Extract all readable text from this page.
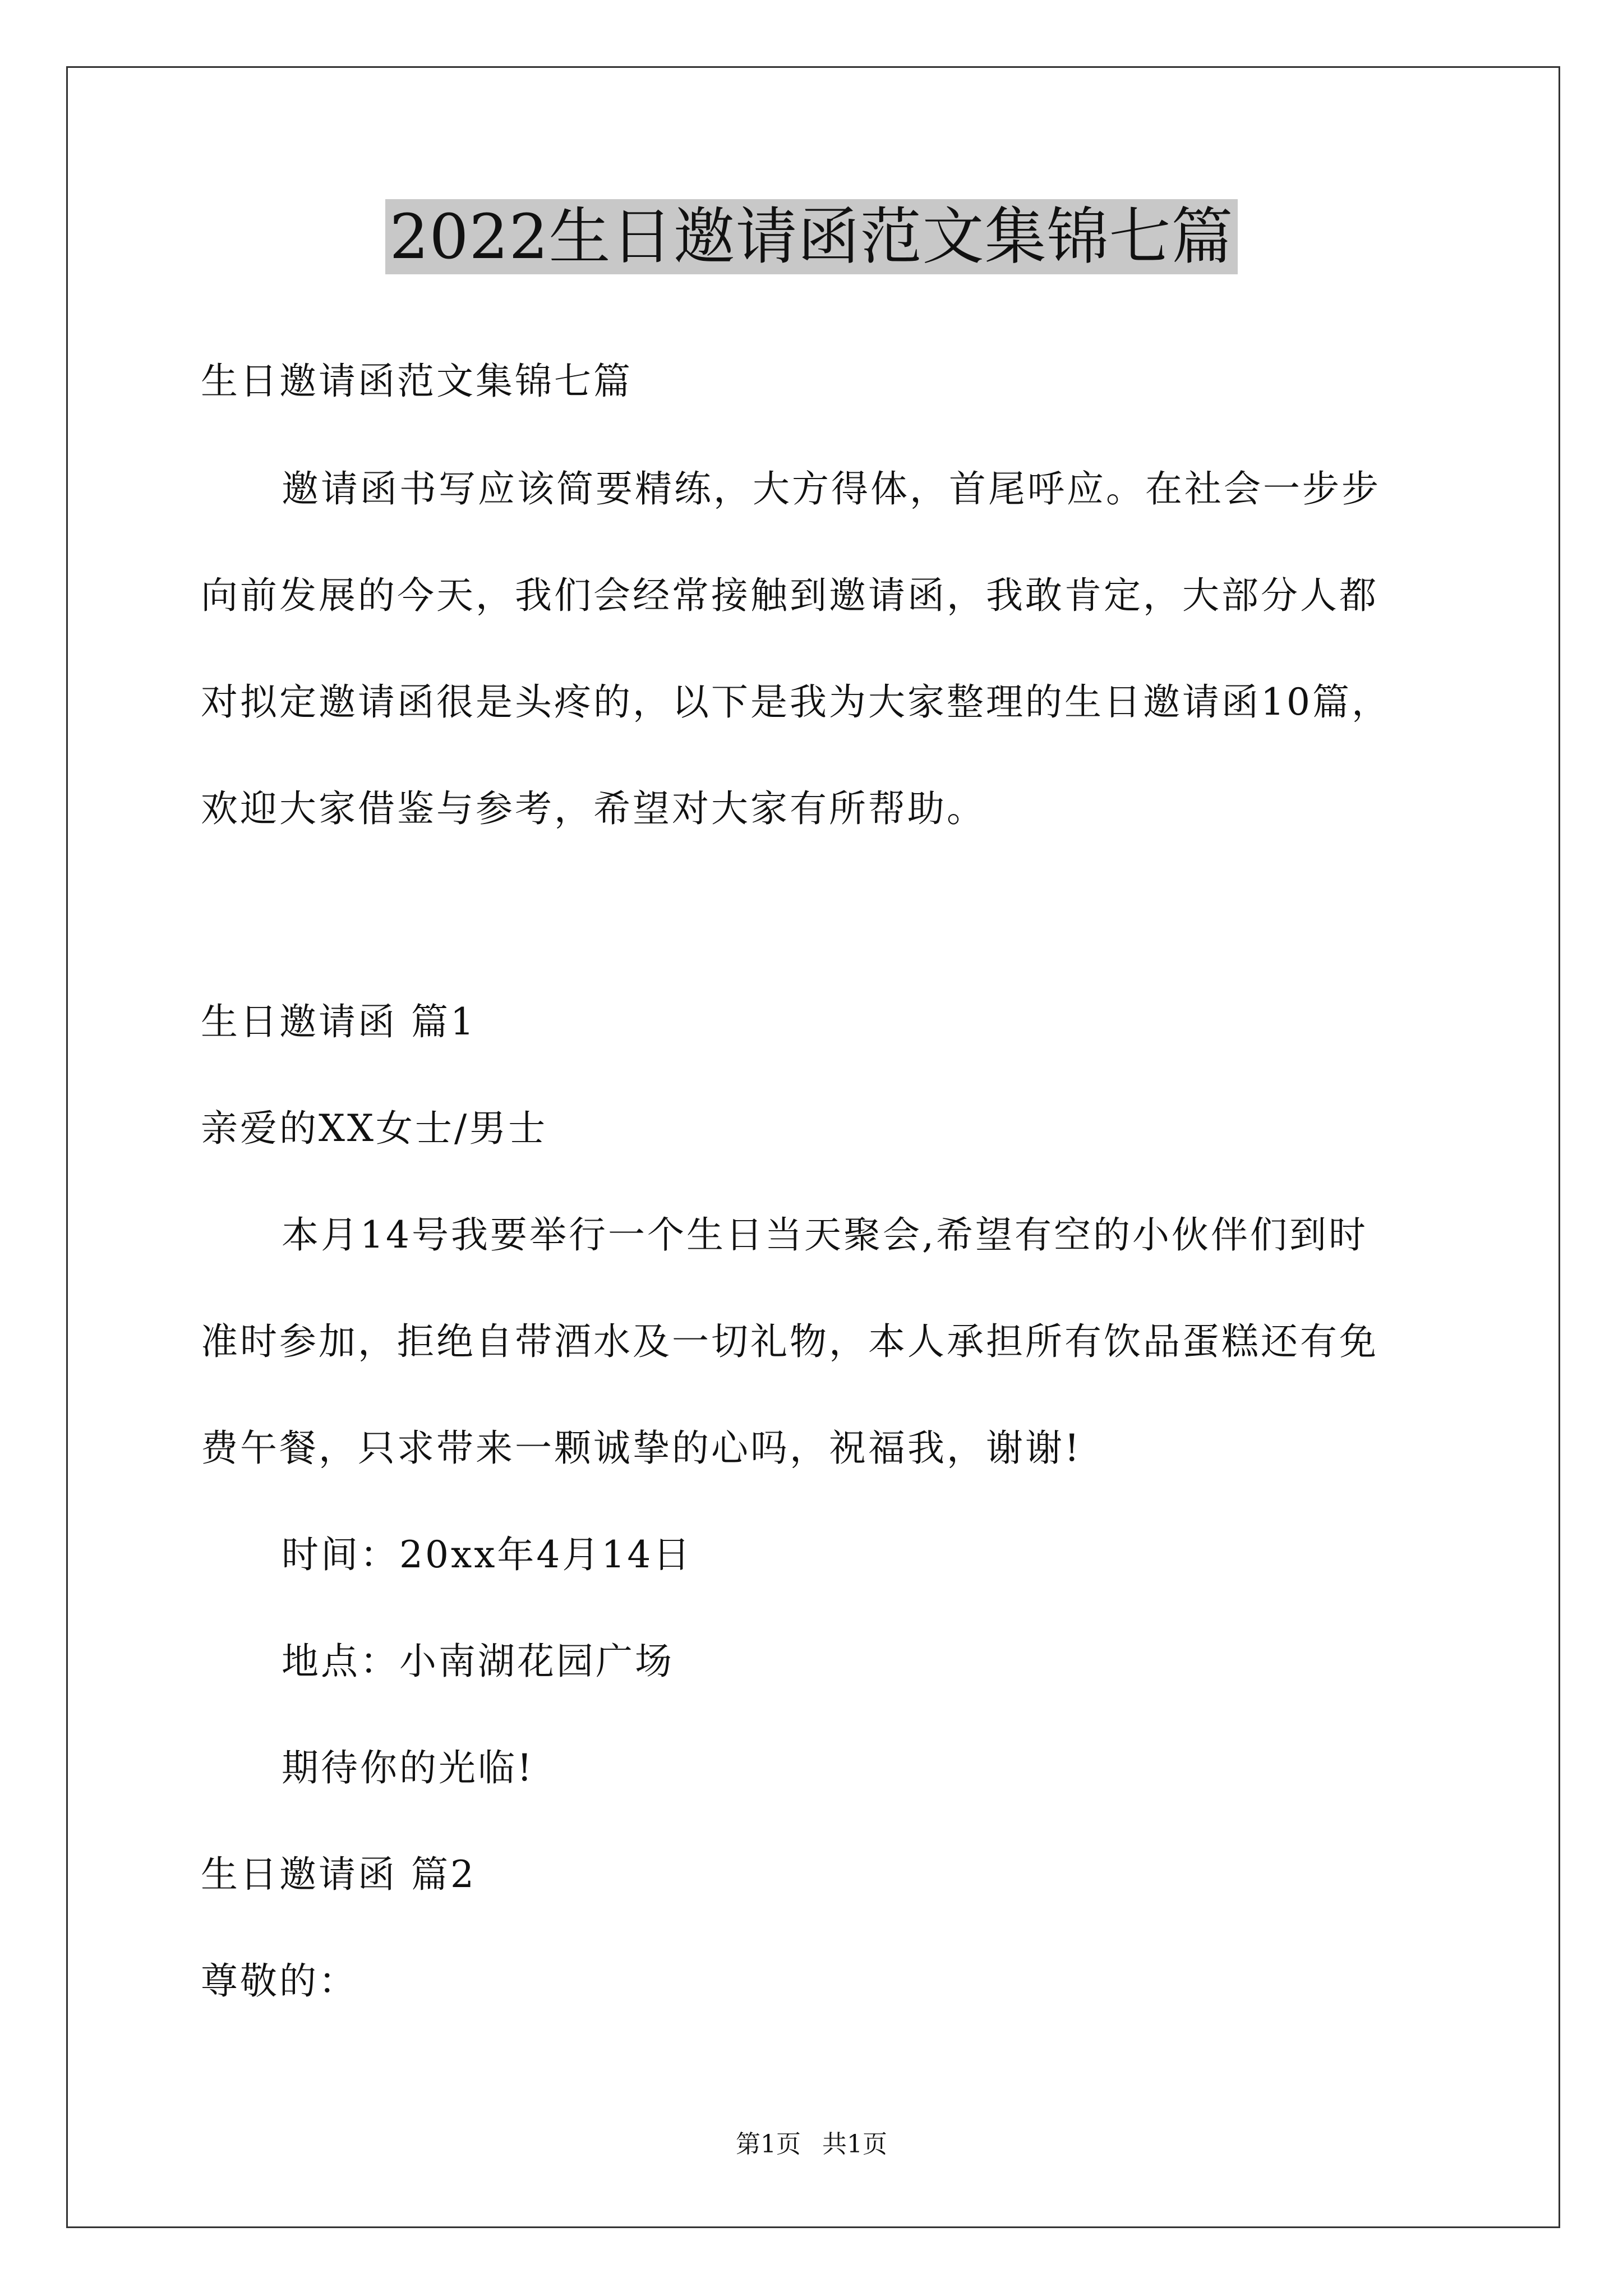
2022生日邀请函范文集锦七篇
生日邀请函范文集锦七篇
邀请函书写应该简要精练，大方得体，首尾呼应。在社会一步步
向前发展的今天，我们会经常接触到邀请函，我敢肯定，大部分人都
对拟定邀请函很是头疼的，以下是我为大家整理的生日邀请函10篇，
欢迎大家借鉴与参考，希望对大家有所帮助。
生日邀请函 篇1
亲爱的XX女士/男士
本月14号我要举行一个生日当天聚会,希望有空的小伙伴们到时
准时参加，拒绝自带酒水及一切礼物，本人承担所有饮品蛋糕还有免
费午餐，只求带来一颗诚挚的心吗，祝福我，谢谢!
时间：20xx年4月14日
地点：小南湖花园广场
期待你的光临!
生日邀请函 篇2
尊敬的：
第1页 共1页
